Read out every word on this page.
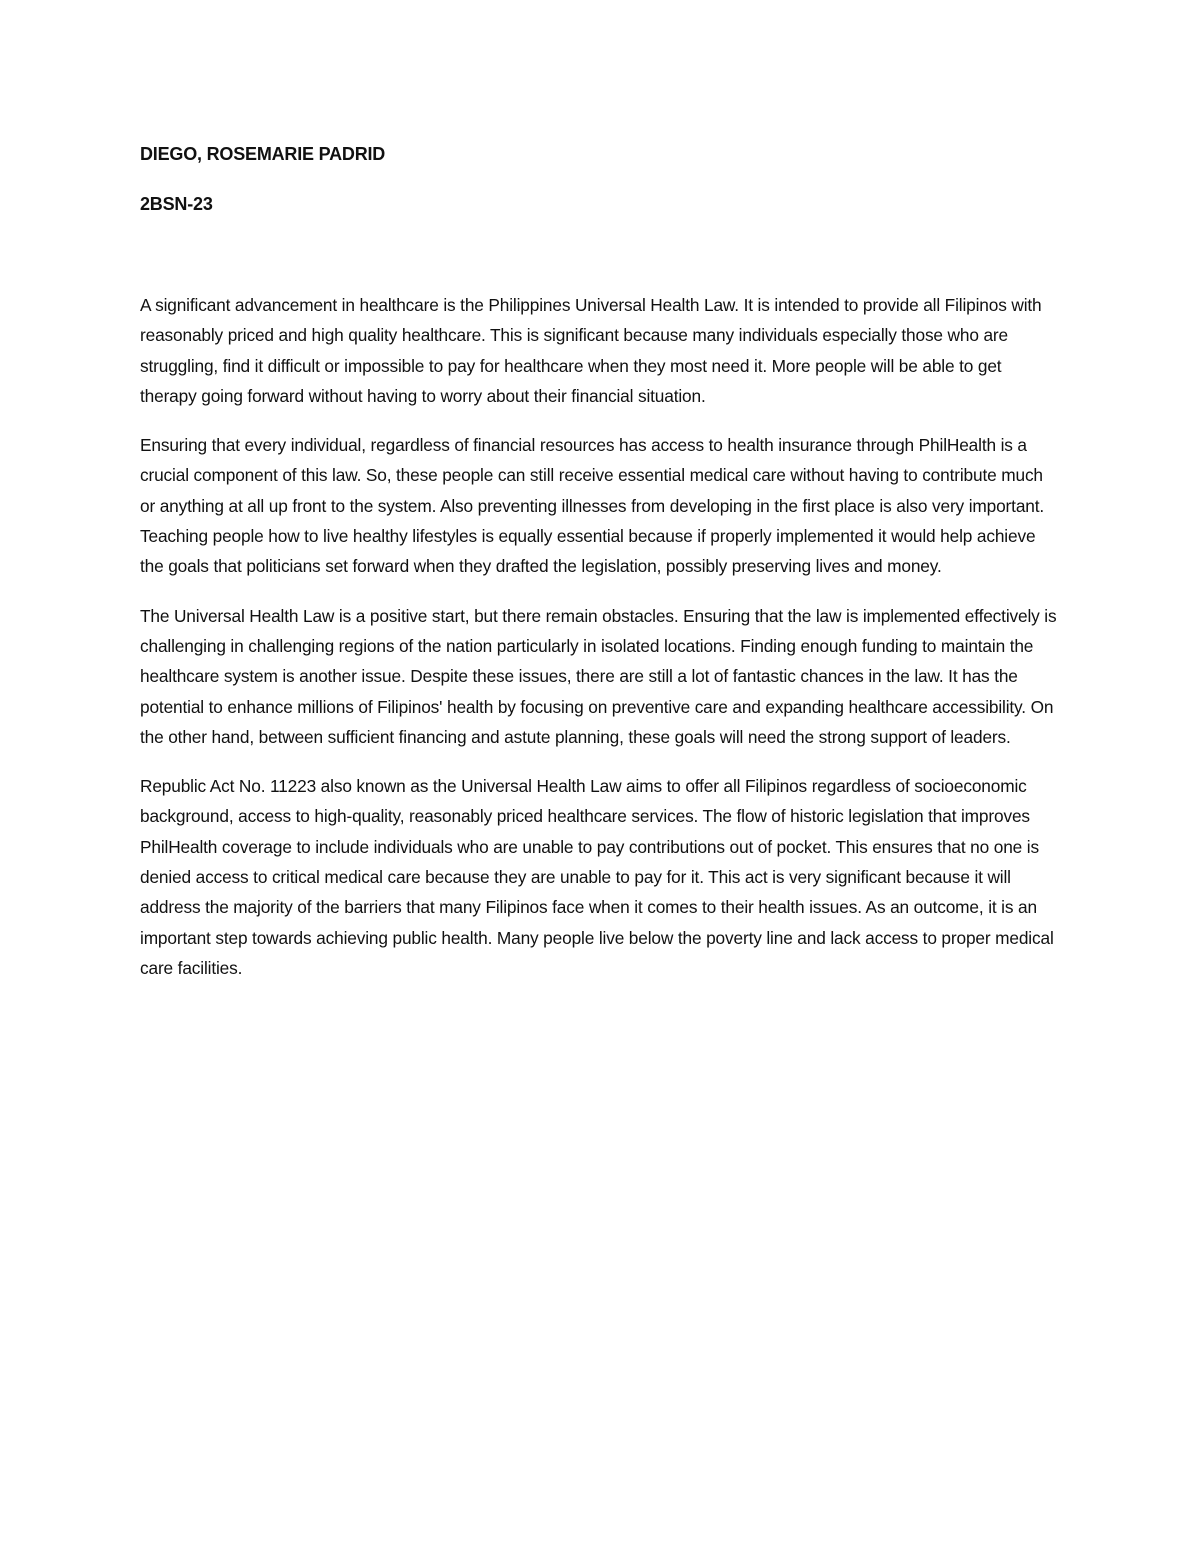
DIEGO, ROSEMARIE PADRID

2BSN-23

A significant advancement in healthcare is the Philippines Universal Health Law. It is intended to provide all Filipinos with reasonably priced and high quality healthcare. This is significant because many individuals especially those who are struggling, find it difficult or impossible to pay for healthcare when they most need it. More people will be able to get therapy going forward without having to worry about their financial situation.

Ensuring that every individual, regardless of financial resources has access to health insurance through PhilHealth is a crucial component of this law. So, these people can still receive essential medical care without having to contribute much or anything at all up front to the system. Also preventing illnesses from developing in the first place is also very important. Teaching people how to live healthy lifestyles is equally essential because if properly implemented it would help achieve the goals that politicians set forward when they drafted the legislation, possibly preserving lives and money.

The Universal Health Law is a positive start, but there remain obstacles. Ensuring that the law is implemented effectively is challenging in challenging regions of the nation particularly in isolated locations. Finding enough funding to maintain the healthcare system is another issue. Despite these issues, there are still a lot of fantastic chances in the law. It has the potential to enhance millions of Filipinos' health by focusing on preventive care and expanding healthcare accessibility. On the other hand, between sufficient financing and astute planning, these goals will need the strong support of leaders.

Republic Act No. 11223 also known as the Universal Health Law aims to offer all Filipinos regardless of socioeconomic background, access to high-quality, reasonably priced healthcare services. The flow of historic legislation that improves PhilHealth coverage to include individuals who are unable to pay contributions out of pocket. This ensures that no one is denied access to critical medical care because they are unable to pay for it. This act is very significant because it will address the majority of the barriers that many Filipinos face when it comes to their health issues. As an outcome, it is an important step towards achieving public health. Many people live below the poverty line and lack access to proper medical care facilities.
